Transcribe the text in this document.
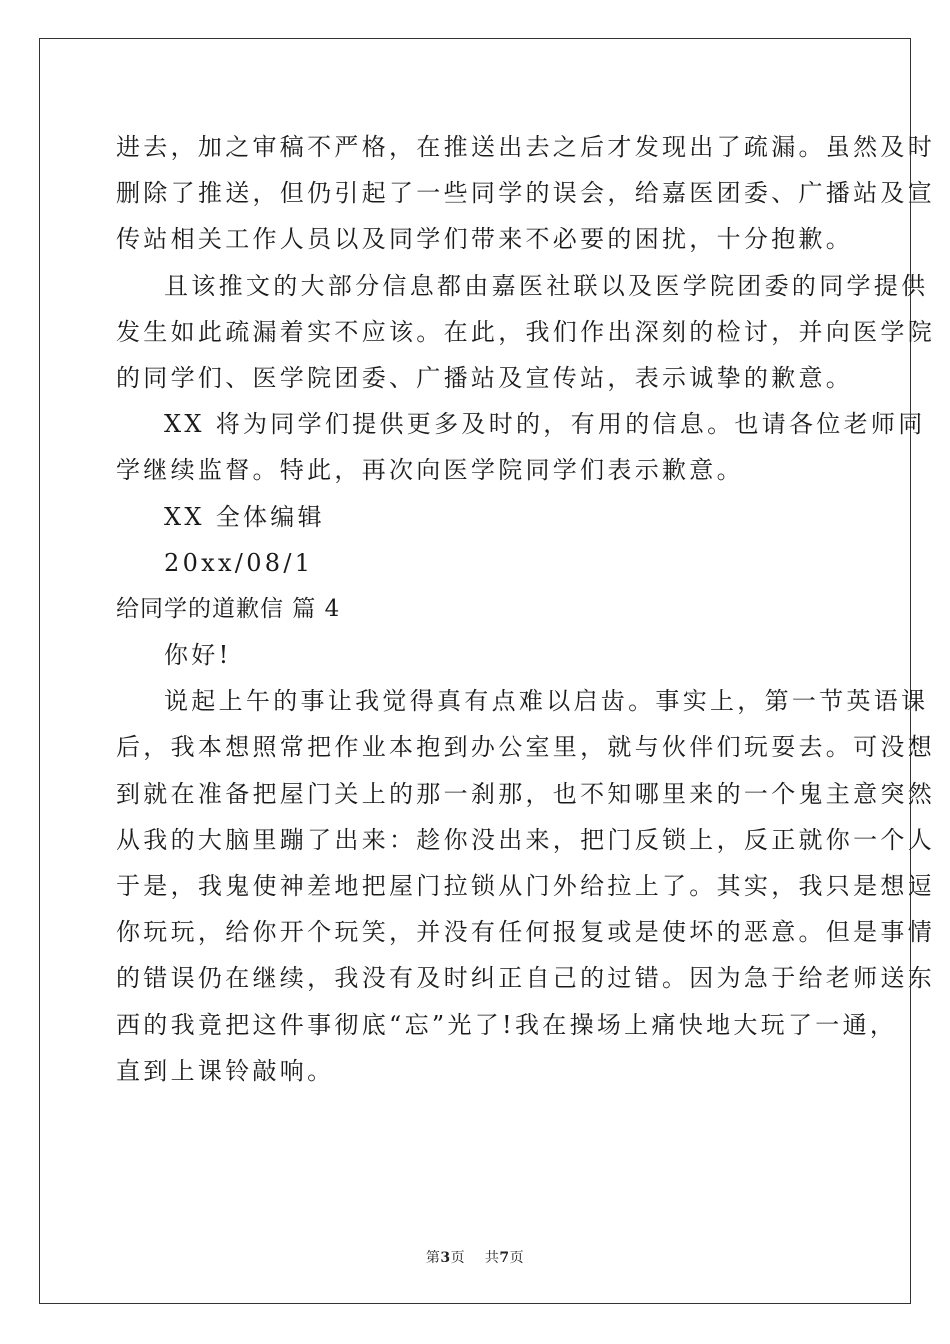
进去，加之审稿不严格，在推送出去之后才发现出了疏漏。虽然及时
删除了推送，但仍引起了一些同学的误会，给嘉医团委、广播站及宣
传站相关工作人员以及同学们带来不必要的困扰，十分抱歉。
且该推文的大部分信息都由嘉医社联以及医学院团委的同学提供
发生如此疏漏着实不应该。在此，我们作出深刻的检讨，并向医学院
的同学们、医学院团委、广播站及宣传站，表示诚挚的歉意。
XX 将为同学们提供更多及时的，有用的信息。也请各位老师同
学继续监督。特此，再次向医学院同学们表示歉意。
XX 全体编辑
20xx/08/1
给同学的道歉信 篇 4
你好!
说起上午的事让我觉得真有点难以启齿。事实上，第一节英语课
后，我本想照常把作业本抱到办公室里，就与伙伴们玩耍去。可没想
到就在准备把屋门关上的那一刹那，也不知哪里来的一个鬼主意突然
从我的大脑里蹦了出来：趁你没出来，把门反锁上，反正就你一个人
于是，我鬼使神差地把屋门拉锁从门外给拉上了。其实，我只是想逗
你玩玩，给你开个玩笑，并没有任何报复或是使坏的恶意。但是事情
的错误仍在继续，我没有及时纠正自己的过错。因为急于给老师送东
西的我竟把这件事彻底“忘”光了!我在操场上痛快地大玩了一通，
直到上课铃敲响。
第3页 共7页
